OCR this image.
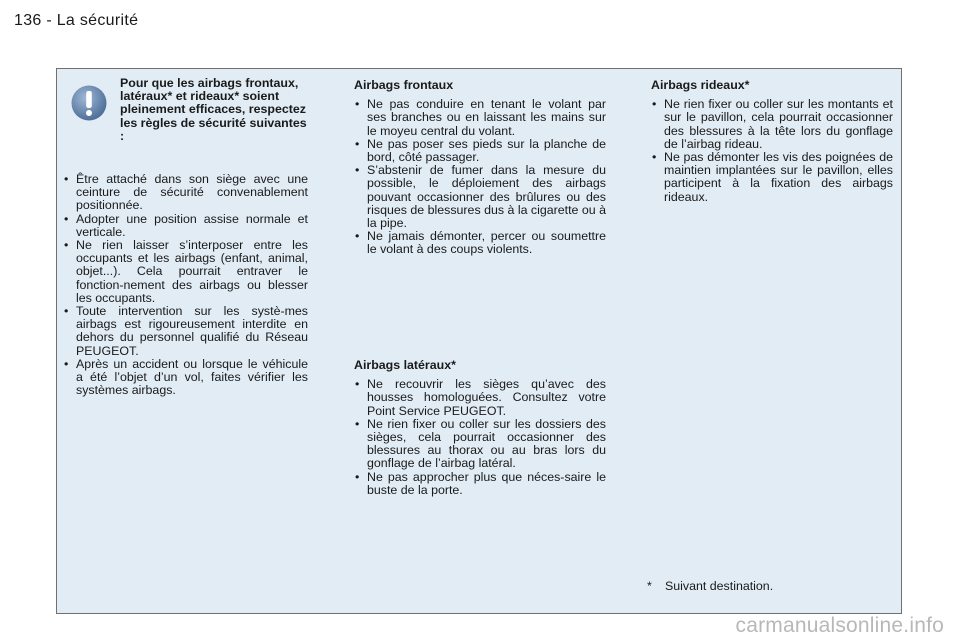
136 - La sécurité
Pour que les airbags frontaux, latéraux* et rideaux* soient pleinement efficaces, respectez les règles de sécurité suivantes :
• Être attaché dans son siège avec une ceinture de sécurité convenablement positionnée.
• Adopter une position assise normale et verticale.
• Ne rien laisser s’interposer entre les occupants et les airbags (enfant, animal, objet...). Cela pourrait entraver le fonction-nement des airbags ou blesser les occupants.
• Toute intervention sur les systè-mes airbags est rigoureusement interdite en dehors du personnel qualifié du Réseau PEUGEOT.
• Après un accident ou lorsque le véhicule a été l’objet d’un vol, faites vérifier les systèmes airbags.
Airbags frontaux
• Ne pas conduire en tenant le volant par ses branches ou en laissant les mains sur le moyeu central du volant.
• Ne pas poser ses pieds sur la planche de bord, côté passager.
• S’abstenir de fumer dans la mesure du possible, le déploiement des airbags pouvant occasionner des brûlures ou des risques de blessures dus à la cigarette ou à la pipe.
• Ne jamais démonter, percer ou soumettre le volant à des coups violents.
Airbags latéraux*
• Ne recouvrir les sièges qu’avec des housses homologuées. Consultez votre Point Service PEUGEOT.
• Ne rien fixer ou coller sur les dossiers des sièges, cela pourrait occasionner des blessures au thorax ou au bras lors du gonflage de l’airbag latéral.
• Ne pas approcher plus que néces-saire le buste de la porte.
Airbags rideaux*
• Ne rien fixer ou coller sur les montants et sur le pavillon, cela pourrait occasionner des blessures à la tête lors du gonflage de l’airbag rideau.
• Ne pas démonter les vis des poignées de maintien implantées sur le pavillon, elles participent à la fixation des airbags rideaux.
* Suivant destination.
carmanualsonline.info
